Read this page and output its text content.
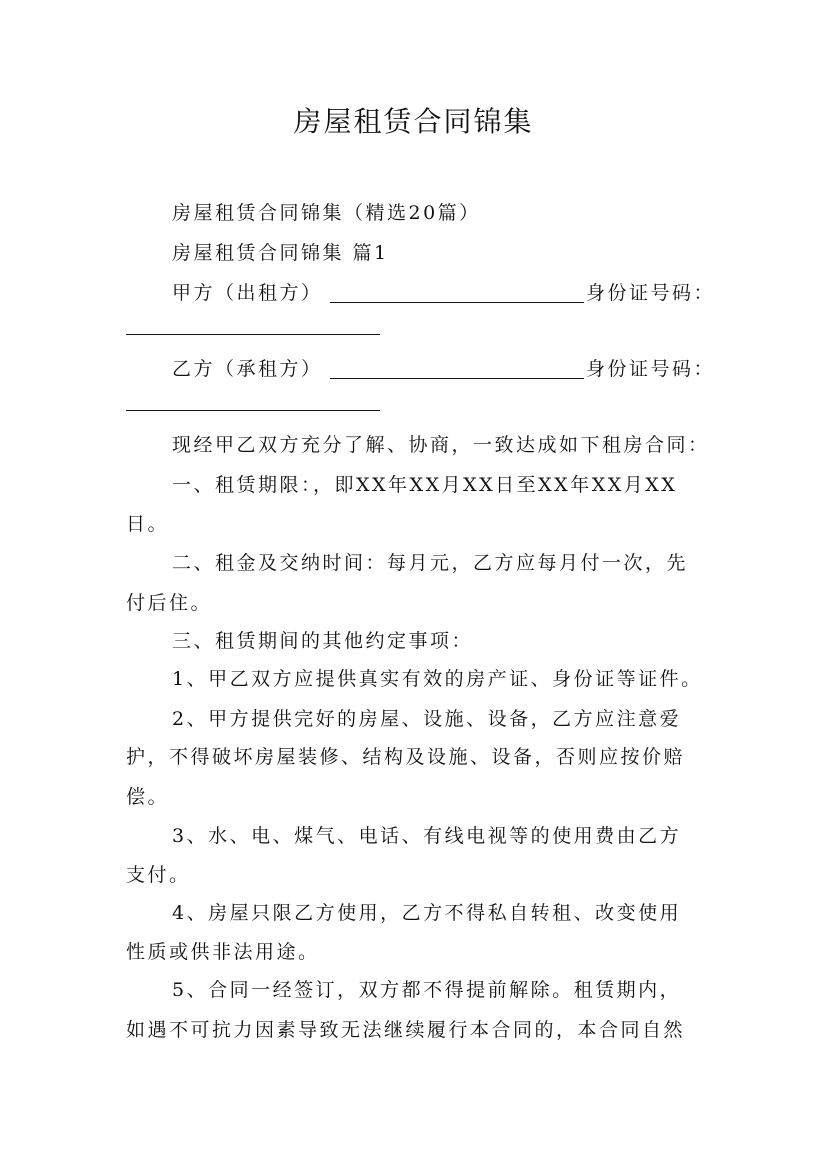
房屋租赁合同锦集
房屋租赁合同锦集（精选20篇）
房屋租赁合同锦集 篇1
甲方（出租方）	身份证号码：
乙方（承租方）	身份证号码：
现经甲乙双方充分了解、协商，一致达成如下租房合同：
一、租赁期限：，即XX年XX月XX日至XX年XX月XX
日。
二、租金及交纳时间：每月元，乙方应每月付一次，先
付后住。
三、租赁期间的其他约定事项：
1、甲乙双方应提供真实有效的房产证、身份证等证件。
2、甲方提供完好的房屋、设施、设备，乙方应注意爱
护，不得破坏房屋装修、结构及设施、设备，否则应按价赔
偿。
3、水、电、煤气、电话、有线电视等的使用费由乙方
支付。
4、房屋只限乙方使用，乙方不得私自转租、改变使用
性质或供非法用途。
5、合同一经签订，双方都不得提前解除。租赁期内，
如遇不可抗力因素导致无法继续履行本合同的，本合同自然
